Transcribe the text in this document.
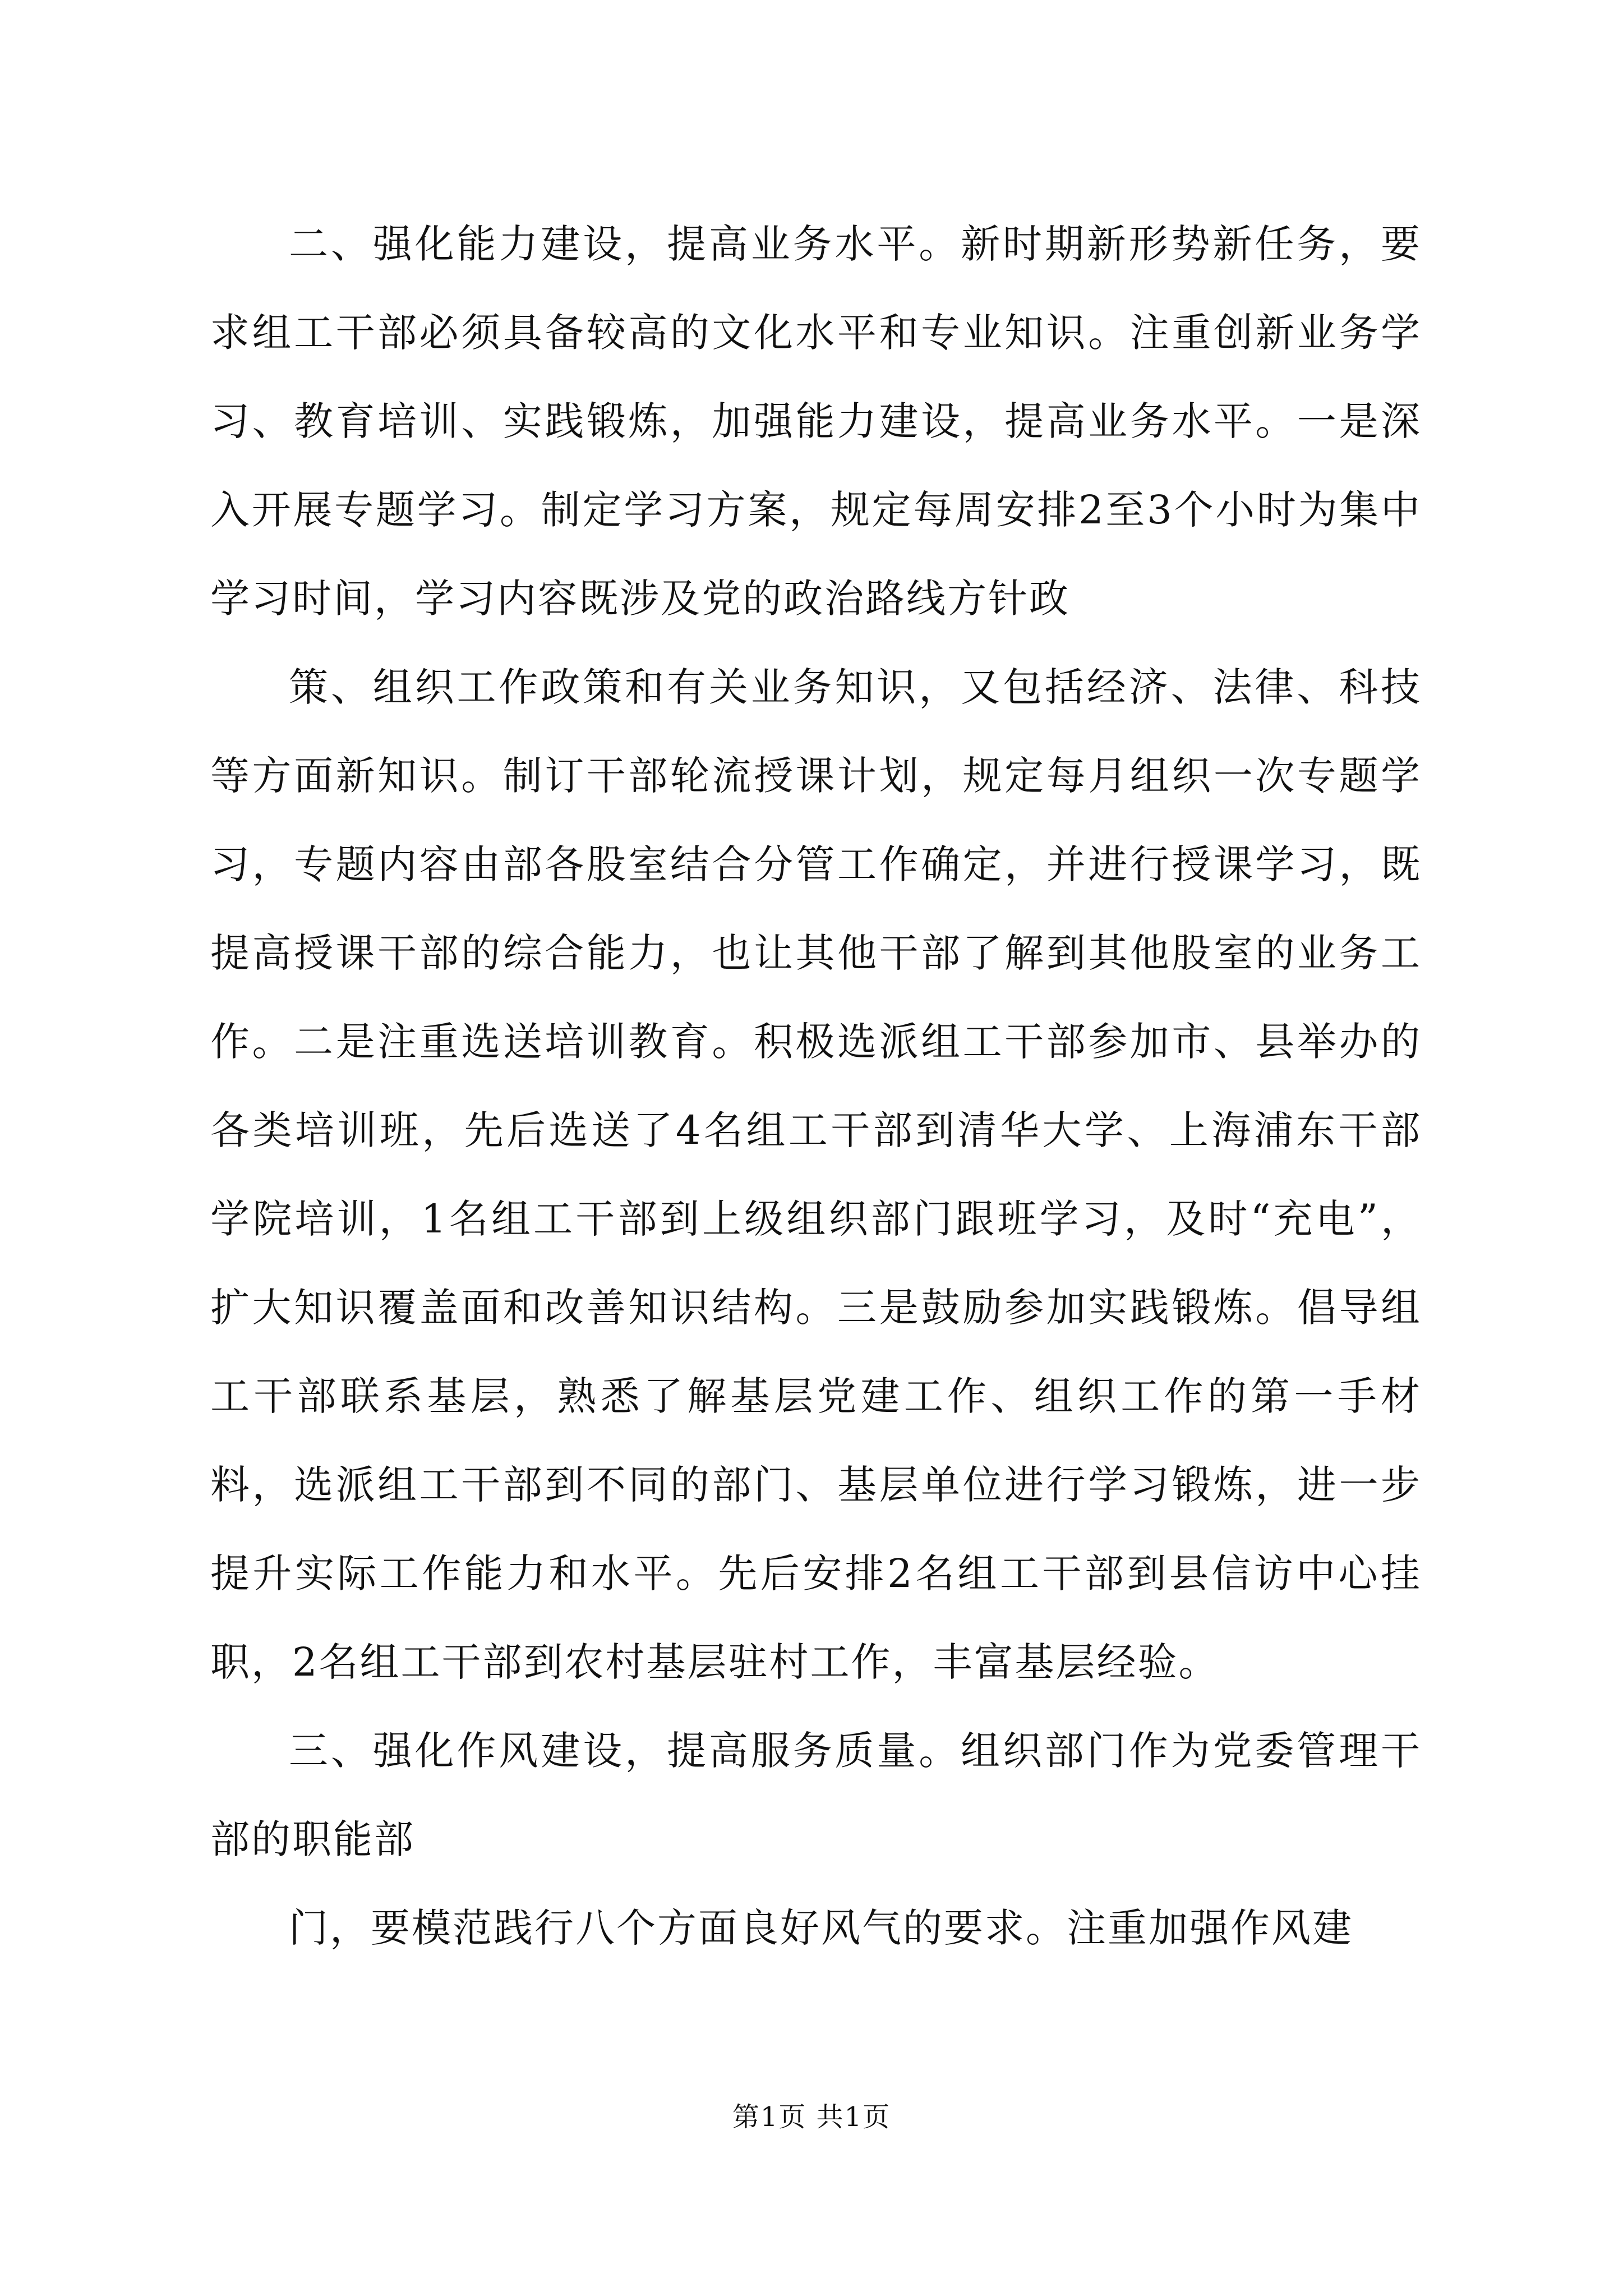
二、强化能力建设，提高业务水平。新时期新形势新任务，要求组工干部必须具备较高的文化水平和专业知识。注重创新业务学习、教育培训、实践锻炼，加强能力建设，提高业务水平。一是深入开展专题学习。制定学习方案，规定每周安排2至3个小时为集中学习时间，学习内容既涉及党的政治路线方针政

策、组织工作政策和有关业务知识，又包括经济、法律、科技等方面新知识。制订干部轮流授课计划，规定每月组织一次专题学习，专题内容由部各股室结合分管工作确定，并进行授课学习，既提高授课干部的综合能力，也让其他干部了解到其他股室的业务工作。二是注重选送培训教育。积极选派组工干部参加市、县举办的各类培训班，先后选送了4名组工干部到清华大学、上海浦东干部学院培训，1名组工干部到上级组织部门跟班学习，及时“充电”，扩大知识覆盖面和改善知识结构。三是鼓励参加实践锻炼。倡导组工干部联系基层，熟悉了解基层党建工作、组织工作的第一手材料，选派组工干部到不同的部门、基层单位进行学习锻炼，进一步提升实际工作能力和水平。先后安排2名组工干部到县信访中心挂职，2名组工干部到农村基层驻村工作，丰富基层经验。

三、强化作风建设，提高服务质量。组织部门作为党委管理干部的职能部

门，要模范践行八个方面良好风气的要求。注重加强作风建

第1页 共1页
